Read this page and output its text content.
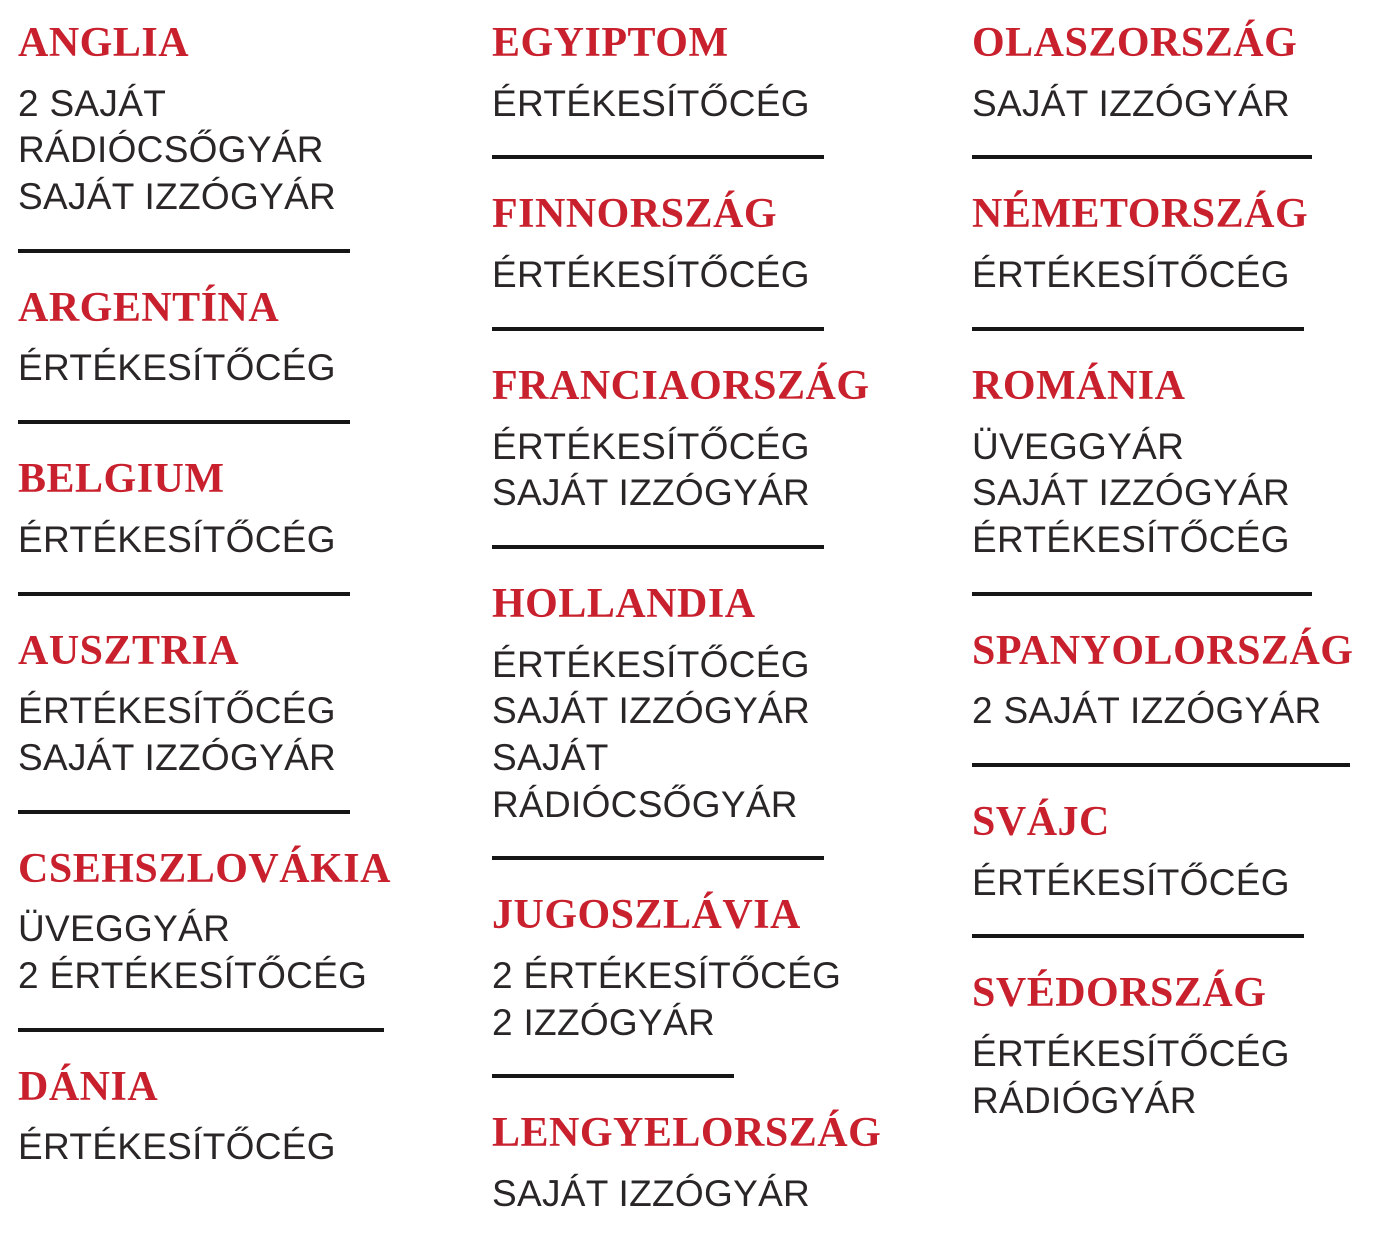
ANGLIA
2 SAJÁT
RÁDIÓCSŐGYÁR
SAJÁT IZZÓGYÁR
ARGENTÍNA
ÉRTÉKESÍTŐCÉG
BELGIUM
ÉRTÉKESÍTŐCÉG
AUSZTRIA
ÉRTÉKESÍTŐCÉG
SAJÁT IZZÓGYÁR
CSEHSZLOVÁKIA
ÜVEGGYÁR
2 ÉRTÉKESÍTŐCÉG
DÁNIA
ÉRTÉKESÍTŐCÉG
EGYIPTOM
ÉRTÉKESÍTŐCÉG
FINNORSZÁG
ÉRTÉKESÍTŐCÉG
FRANCIAORSZÁG
ÉRTÉKESÍTŐCÉG
SAJÁT IZZÓGYÁR
HOLLANDIA
ÉRTÉKESÍTŐCÉG
SAJÁT IZZÓGYÁR
SAJÁT
RÁDIÓCSŐGYÁR
JUGOSZLÁVIA
2 ÉRTÉKESÍTŐCÉG
2 IZZÓGYÁR
LENGYELORSZÁG
SAJÁT IZZÓGYÁR
OLASZORSZÁG
SAJÁT IZZÓGYÁR
NÉMETORSZÁG
ÉRTÉKESÍTŐCÉG
ROMÁNIA
ÜVEGGYÁR
SAJÁT IZZÓGYÁR
ÉRTÉKESÍTŐCÉG
SPANYOLORSZÁG
2 SAJÁT IZZÓGYÁR
SVÁJC
ÉRTÉKESÍTŐCÉG
SVÉDORSZÁG
ÉRTÉKESÍTŐCÉG
RÁDIÓGYÁR
